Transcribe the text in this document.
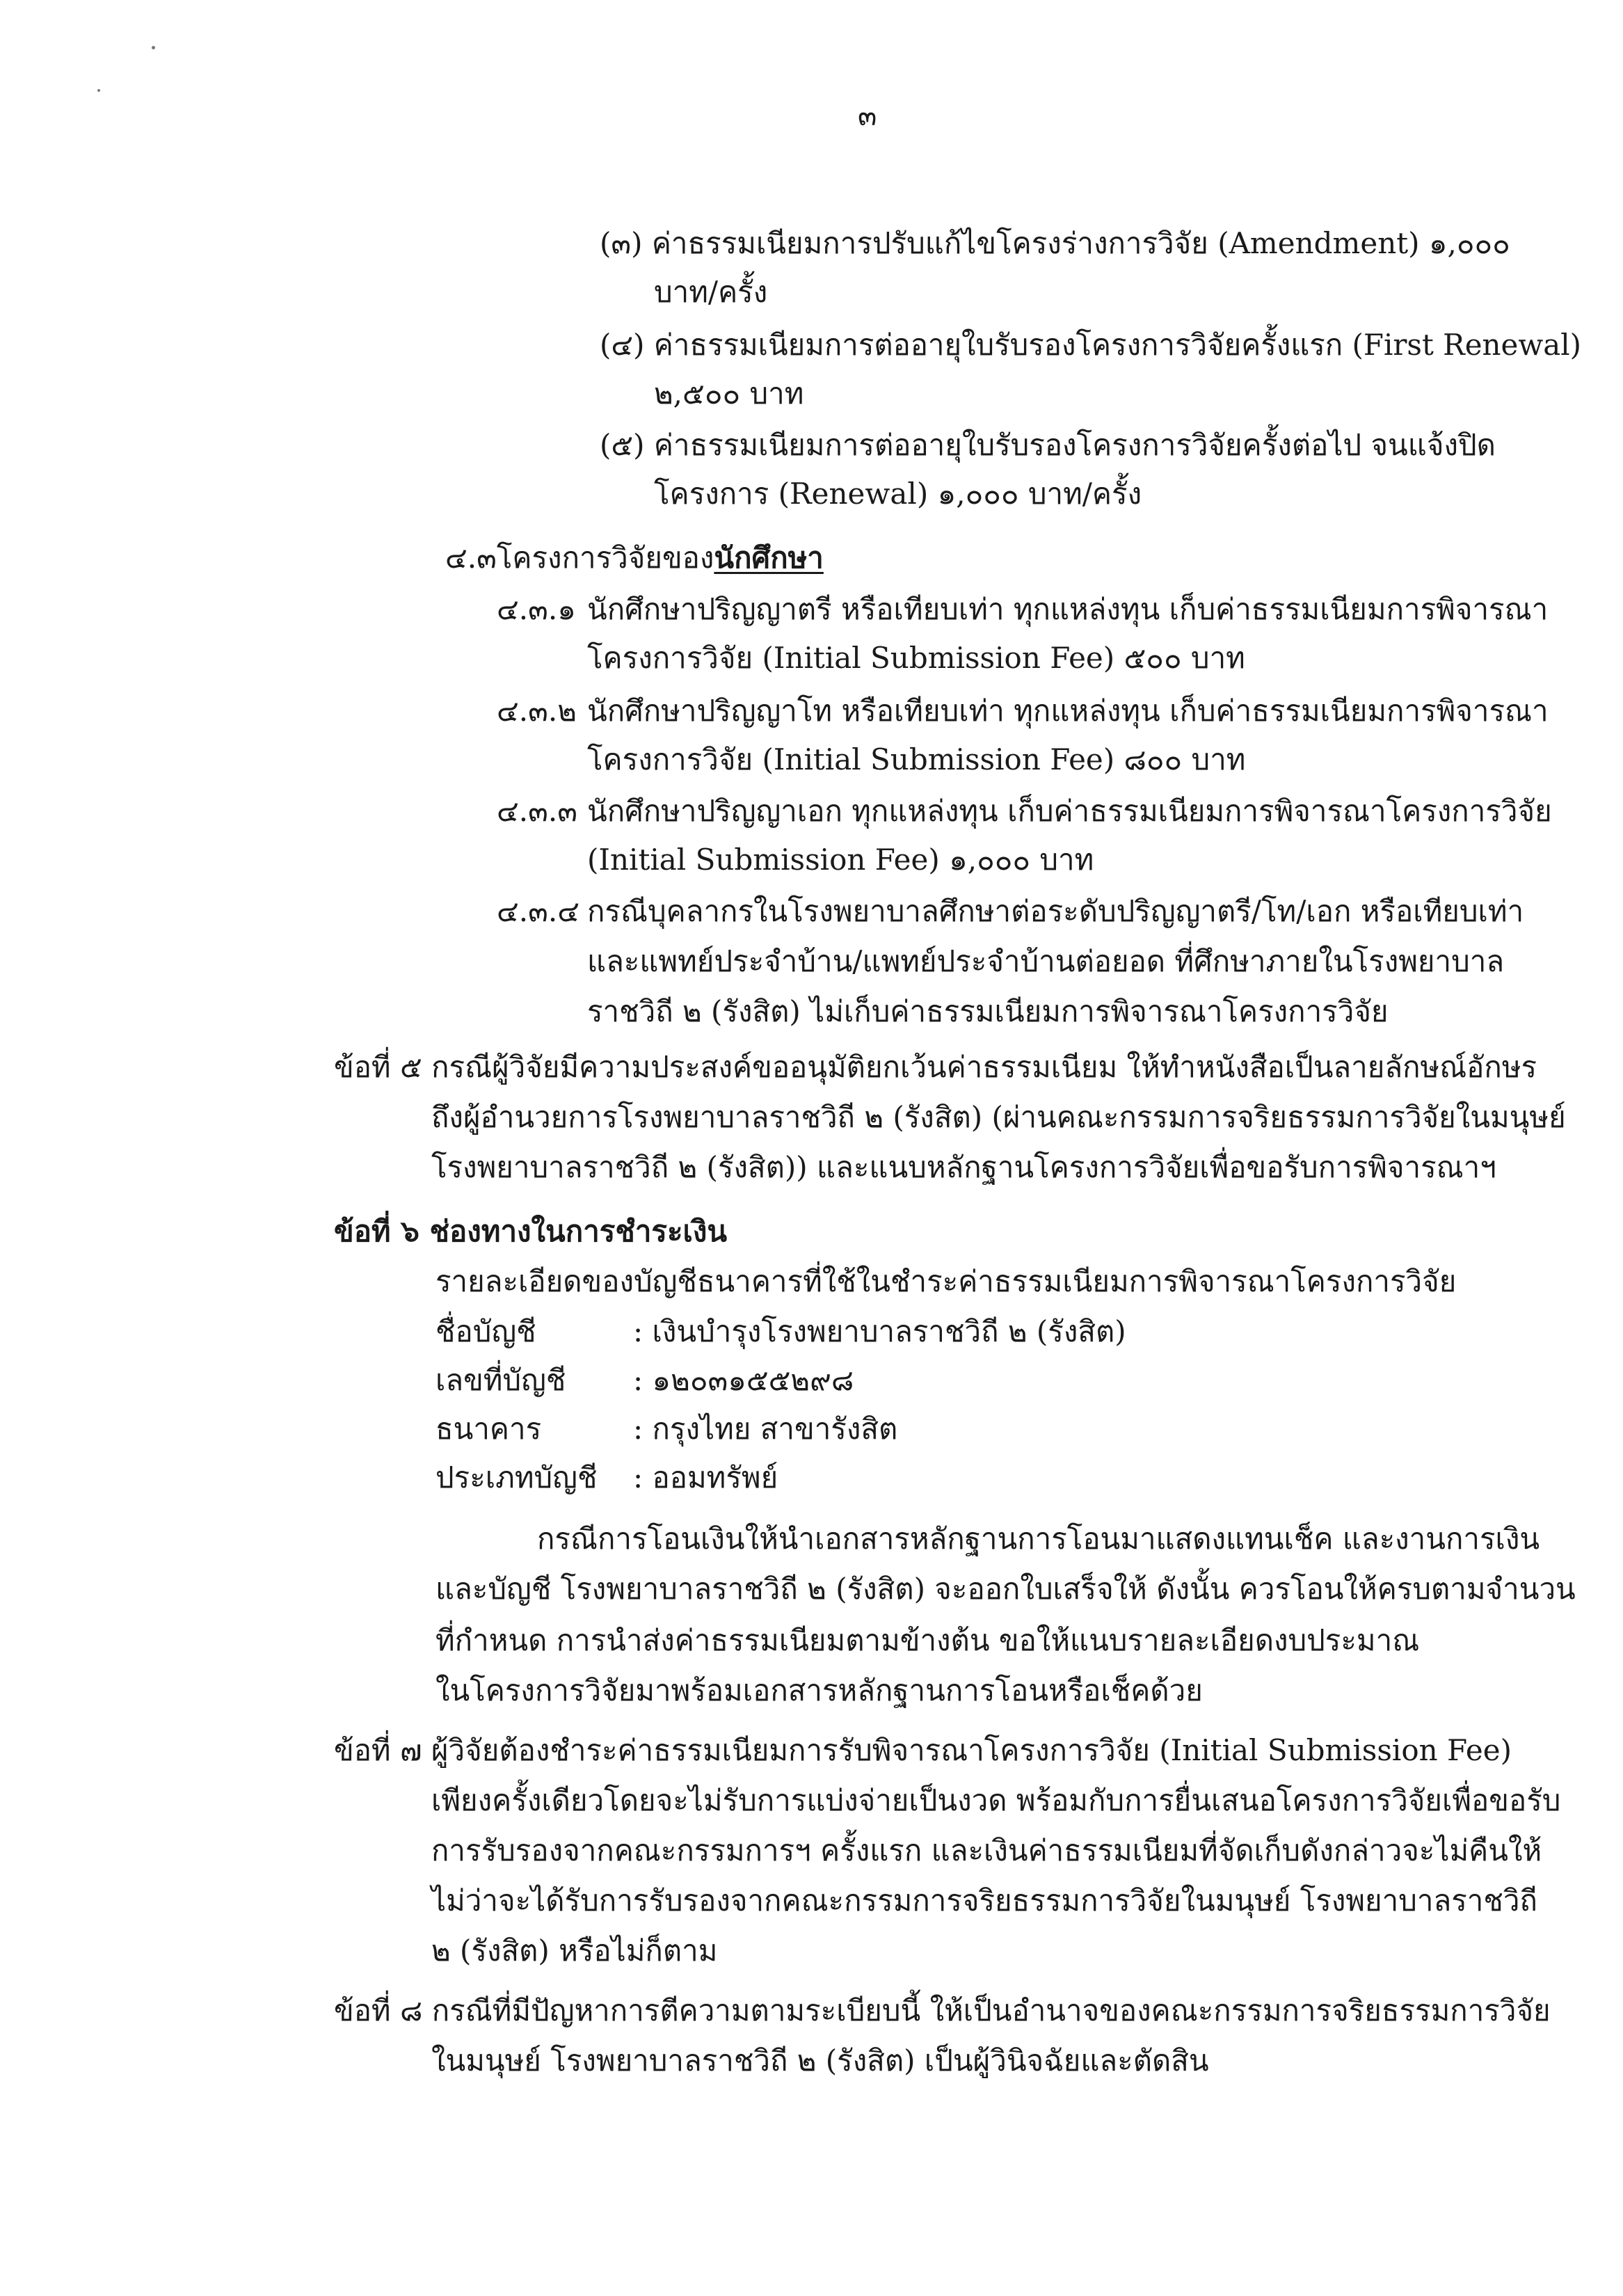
๓
(๓) ค่าธรรมเนียมการปรับแก้ไขโครงร่างการวิจัย (Amendment) ๑,๐๐๐
บาท/ครั้ง
(๔) ค่าธรรมเนียมการต่ออายุใบรับรองโครงการวิจัยครั้งแรก (First Renewal)
๒,๕๐๐ บาท
(๕) ค่าธรรมเนียมการต่ออายุใบรับรองโครงการวิจัยครั้งต่อไป จนแจ้งปิด
โครงการ (Renewal) ๑,๐๐๐ บาท/ครั้ง
๔.๓โครงการวิจัยของนักศึกษา
๔.๓.๑ นักศึกษาปริญญาตรี หรือเทียบเท่า ทุกแหล่งทุน เก็บค่าธรรมเนียมการพิจารณา
โครงการวิจัย (Initial Submission Fee) ๕๐๐ บาท
๔.๓.๒ นักศึกษาปริญญาโท หรือเทียบเท่า ทุกแหล่งทุน เก็บค่าธรรมเนียมการพิจารณา
โครงการวิจัย (Initial Submission Fee) ๘๐๐ บาท
๔.๓.๓ นักศึกษาปริญญาเอก ทุกแหล่งทุน เก็บค่าธรรมเนียมการพิจารณาโครงการวิจัย
(Initial Submission Fee) ๑,๐๐๐ บาท
๔.๓.๔ กรณีบุคลากรในโรงพยาบาลศึกษาต่อระดับปริญญาตรี/โท/เอก หรือเทียบเท่า
และแพทย์ประจำบ้าน/แพทย์ประจำบ้านต่อยอด ที่ศึกษาภายในโรงพยาบาล
ราชวิถี ๒ (รังสิต) ไม่เก็บค่าธรรมเนียมการพิจารณาโครงการวิจัย
ข้อที่ ๕ กรณีผู้วิจัยมีความประสงค์ขออนุมัติยกเว้นค่าธรรมเนียม ให้ทำหนังสือเป็นลายลักษณ์อักษร
ถึงผู้อำนวยการโรงพยาบาลราชวิถี ๒ (รังสิต) (ผ่านคณะกรรมการจริยธรรมการวิจัยในมนุษย์
โรงพยาบาลราชวิถี ๒ (รังสิต)) และแนบหลักฐานโครงการวิจัยเพื่อขอรับการพิจารณาฯ
ข้อที่ ๖ ช่องทางในการชำระเงิน
รายละเอียดของบัญชีธนาคารที่ใช้ในชำระค่าธรรมเนียมการพิจารณาโครงการวิจัย
ชื่อบัญชี	: เงินบำรุงโรงพยาบาลราชวิถี ๒ (รังสิต)
เลขที่บัญชี : ๑๒๐๓๑๕๕๒๙๘
ธนาคาร	: กรุงไทย สาขารังสิต
ประเภทบัญชี : ออมทรัพย์
กรณีการโอนเงินให้นำเอกสารหลักฐานการโอนมาแสดงแทนเช็ค และงานการเงิน
และบัญชี โรงพยาบาลราชวิถี ๒ (รังสิต) จะออกใบเสร็จให้ ดังนั้น ควรโอนให้ครบตามจำนวน
ที่กำหนด การนำส่งค่าธรรมเนียมตามข้างต้น ขอให้แนบรายละเอียดงบประมาณ
ในโครงการวิจัยมาพร้อมเอกสารหลักฐานการโอนหรือเช็คด้วย
ข้อที่ ๗ ผู้วิจัยต้องชำระค่าธรรมเนียมการรับพิจารณาโครงการวิจัย (Initial Submission Fee)
เพียงครั้งเดียวโดยจะไม่รับการแบ่งจ่ายเป็นงวด พร้อมกับการยื่นเสนอโครงการวิจัยเพื่อขอรับ
การรับรองจากคณะกรรมการฯ ครั้งแรก และเงินค่าธรรมเนียมที่จัดเก็บดังกล่าวจะไม่คืนให้
ไม่ว่าจะได้รับการรับรองจากคณะกรรมการจริยธรรมการวิจัยในมนุษย์ โรงพยาบาลราชวิถี
๒ (รังสิต) หรือไม่ก็ตาม
ข้อที่ ๘ กรณีที่มีปัญหาการตีความตามระเบียบนี้ ให้เป็นอำนาจของคณะกรรมการจริยธรรมการวิจัย
ในมนุษย์ โรงพยาบาลราชวิถี ๒ (รังสิต) เป็นผู้วินิจฉัยและตัดสิน
